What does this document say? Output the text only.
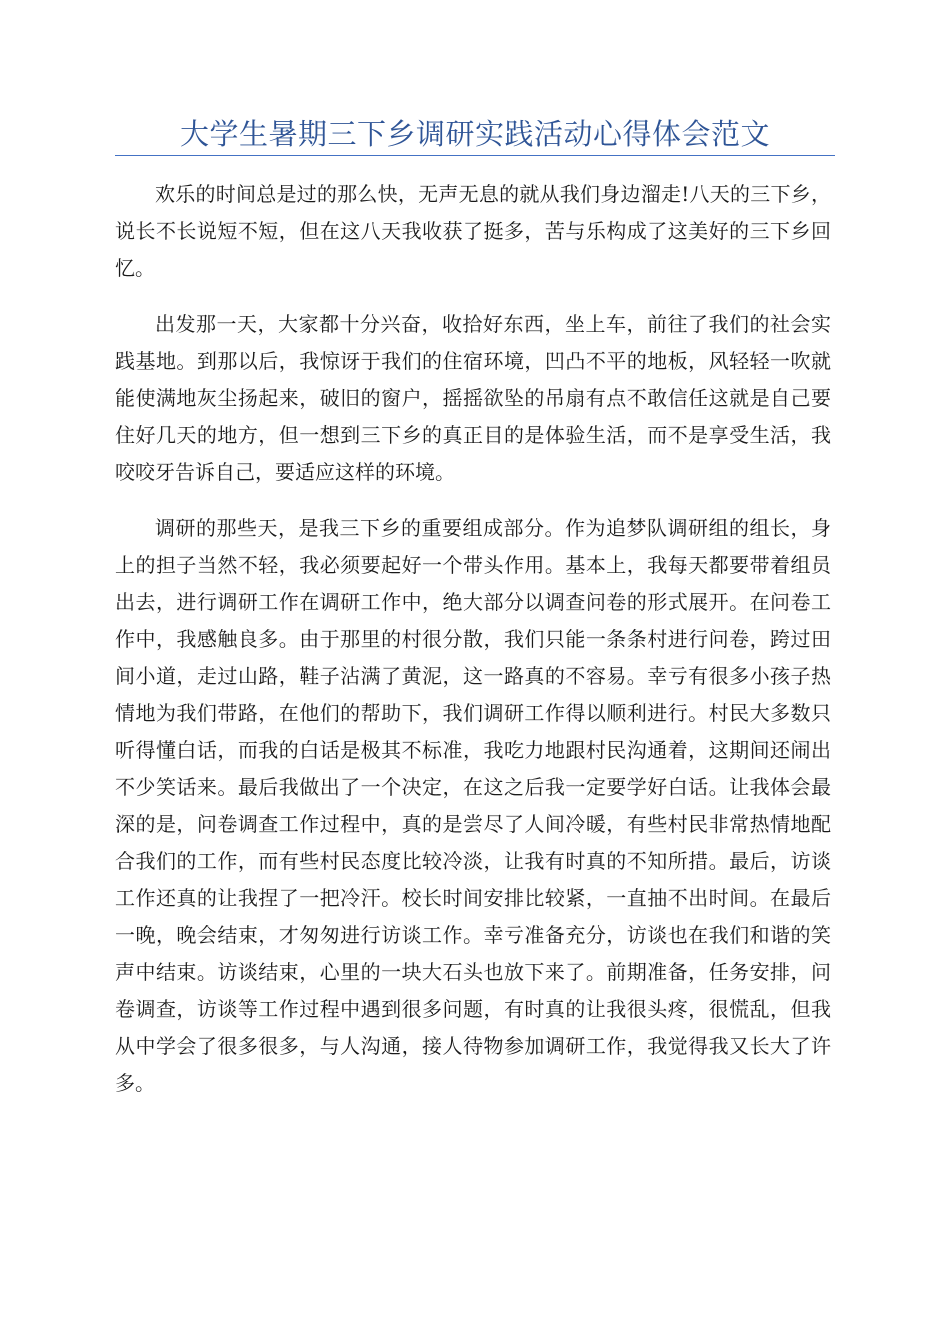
大学生暑期三下乡调研实践活动心得体会范文

欢乐的时间总是过的那么快，无声无息的就从我们身边溜走!八天的三下乡，说长不长说短不短，但在这八天我收获了挺多，苦与乐构成了这美好的三下乡回忆。

出发那一天，大家都十分兴奋，收拾好东西，坐上车，前往了我们的社会实践基地。到那以后，我惊讶于我们的住宿环境，凹凸不平的地板，风轻轻一吹就能使满地灰尘扬起来，破旧的窗户，摇摇欲坠的吊扇有点不敢信任这就是自己要住好几天的地方，但一想到三下乡的真正目的是体验生活，而不是享受生活，我咬咬牙告诉自己，要适应这样的环境。

调研的那些天，是我三下乡的重要组成部分。作为追梦队调研组的组长，身上的担子当然不轻，我必须要起好一个带头作用。基本上，我每天都要带着组员出去，进行调研工作在调研工作中，绝大部分以调查问卷的形式展开。在问卷工作中，我感触良多。由于那里的村很分散，我们只能一条条村进行问卷，跨过田间小道，走过山路，鞋子沾满了黄泥，这一路真的不容易。幸亏有很多小孩子热情地为我们带路，在他们的帮助下，我们调研工作得以顺利进行。村民大多数只听得懂白话，而我的白话是极其不标准，我吃力地跟村民沟通着，这期间还闹出不少笑话来。最后我做出了一个决定，在这之后我一定要学好白话。让我体会最深的是，问卷调查工作过程中，真的是尝尽了人间冷暖，有些村民非常热情地配合我们的工作，而有些村民态度比较冷淡，让我有时真的不知所措。最后，访谈工作还真的让我捏了一把冷汗。校长时间安排比较紧，一直抽不出时间。在最后一晚，晚会结束，才匆匆进行访谈工作。幸亏准备充分，访谈也在我们和谐的笑声中结束。访谈结束，心里的一块大石头也放下来了。前期准备，任务安排，问卷调查，访谈等工作过程中遇到很多问题，有时真的让我很头疼，很慌乱，但我从中学会了很多很多，与人沟通，接人待物参加调研工作，我觉得我又长大了许多。
